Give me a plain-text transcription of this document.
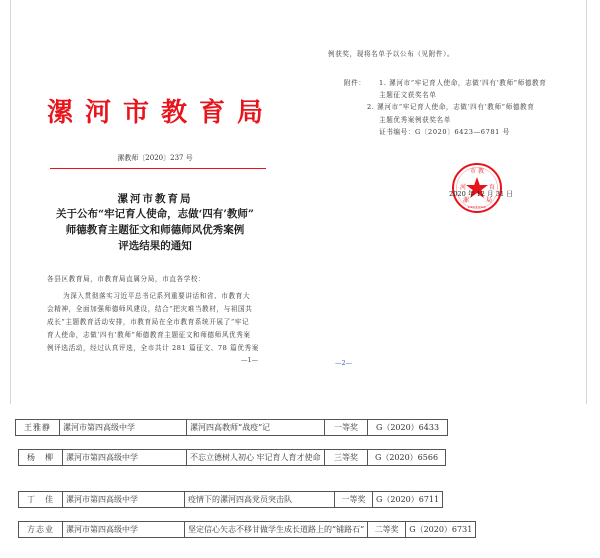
漯河市教育局
漯教师〔2020〕237 号
漯河市教育局
关于公布“牢记育人使命，志做‘四有’教师”
师德教育主题征文和师德师风优秀案例
评选结果的通知
各县区教育局，市教育局直属分局，市直各学校：
为深入贯彻落实习近平总书记系列重要讲话和省、市教育大
会精神，全面加强师德师风建设，结合“把灾难当教材，与祖国共
成长”主题教育活动安排，市教育局在全市教育系统开展了“牢记
育人使命，志做‘四有’教师”师德教育主题征文和师德师风优秀案
例评选活动，经过认真评选，全市共计 281 篇征文、78 篇优秀案
—1—
例获奖，现将名单予以公布（见附件）。
附件： 1. 漯河市“牢记育人使命，志做‘四有’教师”师德教育
主题征文获奖名单
2. 漯河市“牢记育人使命，志做‘四有’教师”师德教育
主题优秀案例获奖名单
证书编号：G〔2020〕6423—6781 号
市 教
河	育
漯	局
2020 年 12 月 31 日
—2—
王雅静	漯河市第四高级中学	漯河四高教师“战疫”记	一等奖	G（2020）6433
杨　柳	漯河市第四高级中学	不忘立德树人初心 牢记育人育才使命	三等奖	G（2020）6566
丁　佳	漯河市第四高级中学	疫情下的漯河四高党员突击队	一等奖	G（2020）6711
方志业	漯河市第四高级中学	坚定信心矢志不移甘做学生成长道路上的“铺路石”	二等奖	G（2020）6731
